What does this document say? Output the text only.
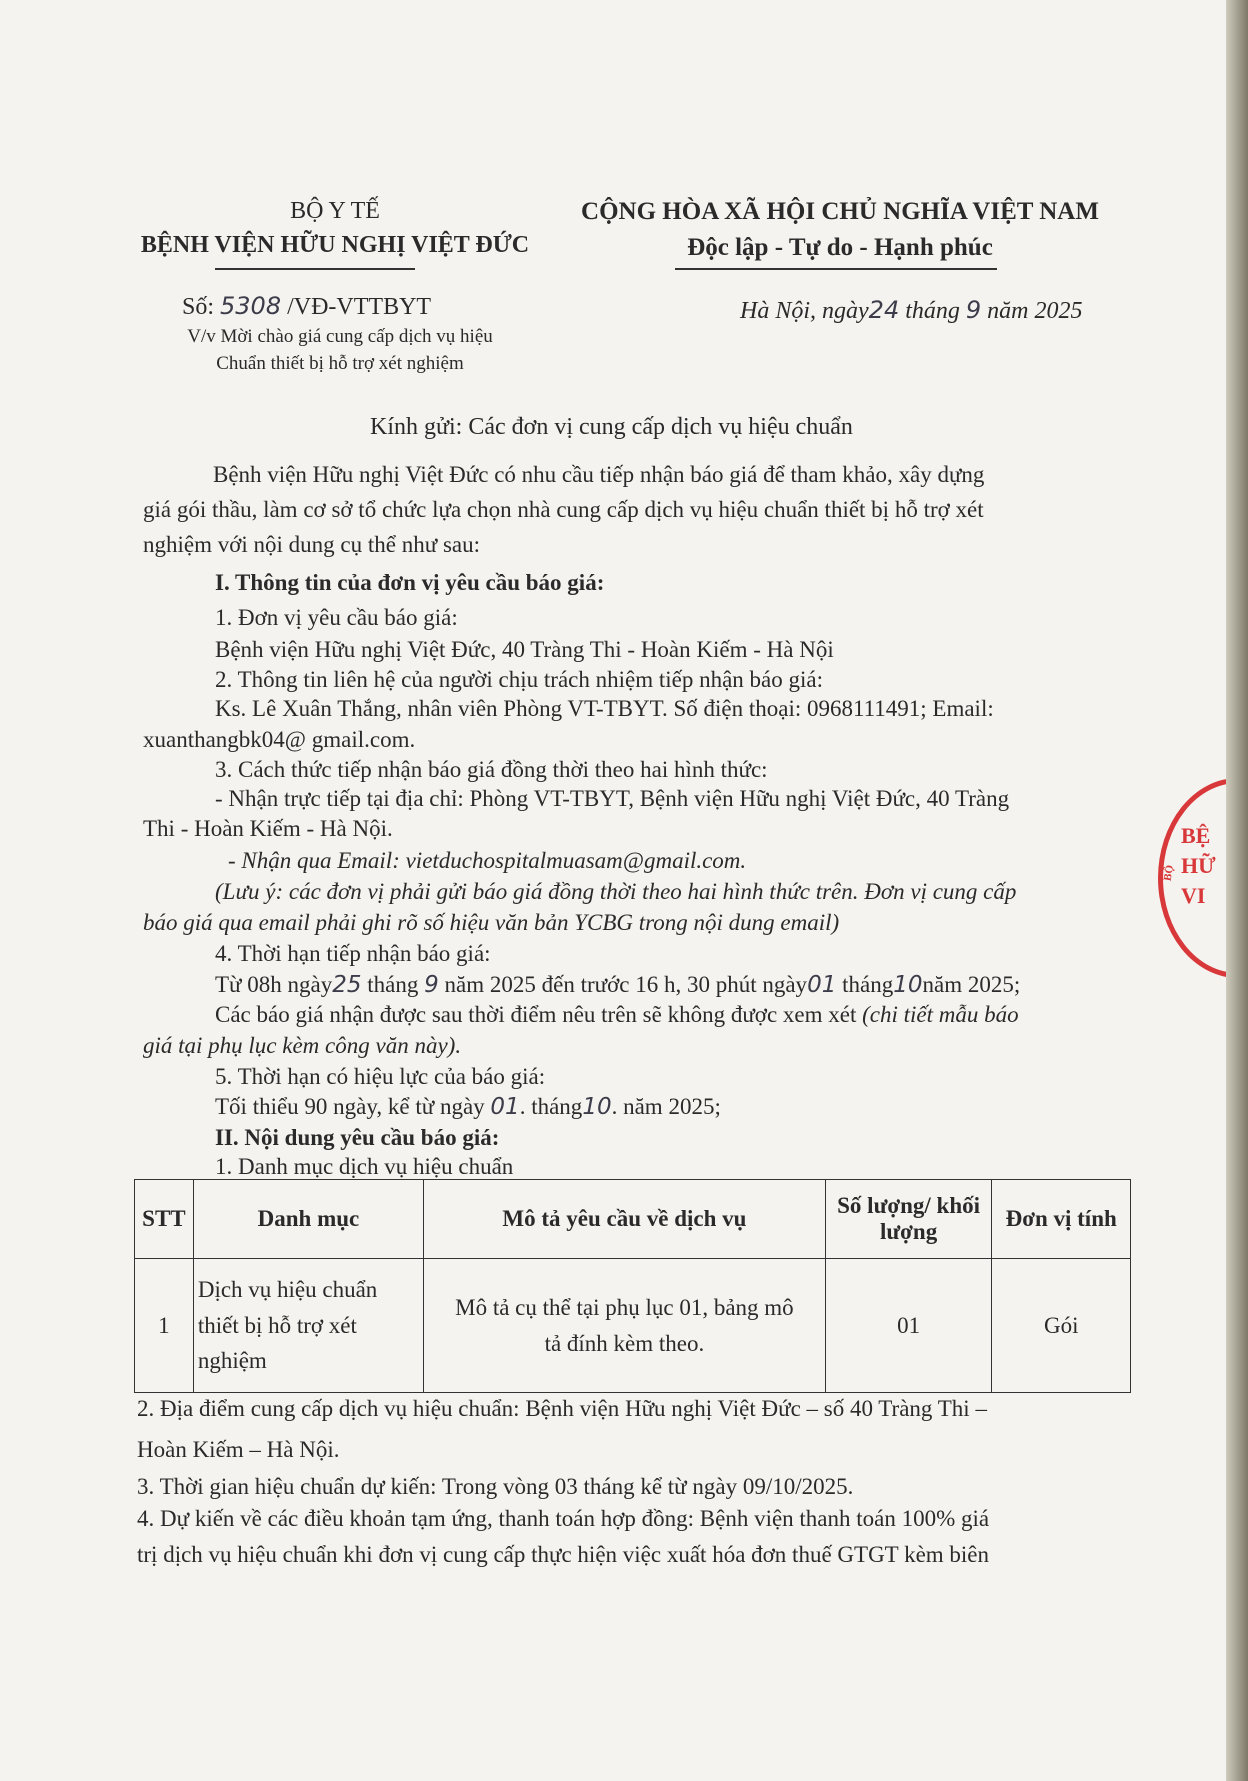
BỘ Y TẾ
BỆNH VIỆN HỮU NGHỊ VIỆT ĐỨC
CỘNG HÒA XÃ HỘI CHỦ NGHĨA VIỆT NAM
Độc lập - Tự do - Hạnh phúc
Số: 5308 /VĐ-VTTBYT
V/v Mời chào giá cung cấp dịch vụ hiệu
Chuẩn thiết bị hỗ trợ xét nghiệm
Hà Nội, ngày24 tháng 9 năm 2025
Kính gửi: Các đơn vị cung cấp dịch vụ hiệu chuẩn
Bệnh viện Hữu nghị Việt Đức có nhu cầu tiếp nhận báo giá để tham khảo, xây dựng
giá gói thầu, làm cơ sở tổ chức lựa chọn nhà cung cấp dịch vụ hiệu chuẩn thiết bị hỗ trợ xét
nghiệm với nội dung cụ thể như sau:
I. Thông tin của đơn vị yêu cầu báo giá:
1. Đơn vị yêu cầu báo giá:
Bệnh viện Hữu nghị Việt Đức, 40 Tràng Thi - Hoàn Kiếm - Hà Nội
2. Thông tin liên hệ của người chịu trách nhiệm tiếp nhận báo giá:
Ks. Lê Xuân Thắng, nhân viên Phòng VT-TBYT. Số điện thoại: 0968111491; Email:
xuanthangbk04@ gmail.com.
3. Cách thức tiếp nhận báo giá đồng thời theo hai hình thức:
- Nhận trực tiếp tại địa chỉ: Phòng VT-TBYT, Bệnh viện Hữu nghị Việt Đức, 40 Tràng
Thi - Hoàn Kiếm - Hà Nội.
- Nhận qua Email: vietduchospitalmuasam@gmail.com.
(Lưu ý: các đơn vị phải gửi báo giá đồng thời theo hai hình thức trên. Đơn vị cung cấp
báo giá qua email phải ghi rõ số hiệu văn bản YCBG trong nội dung email)
4. Thời hạn tiếp nhận báo giá:
Từ 08h ngày25 tháng 9 năm 2025 đến trước 16 h, 30 phút ngày01 tháng10năm 2025;
Các báo giá nhận được sau thời điểm nêu trên sẽ không được xem xét (chi tiết mẫu báo
giá tại phụ lục kèm công văn này).
5. Thời hạn có hiệu lực của báo giá:
Tối thiểu 90 ngày, kể từ ngày 01. tháng10. năm 2025;
II. Nội dung yêu cầu báo giá:
1. Danh mục dịch vụ hiệu chuẩn
STT	Danh mục	Mô tả yêu cầu về dịch vụ	Số lượng/ khối lượng	Đơn vị tính
1	Dịch vụ hiệu chuẩn thiết bị hỗ trợ xét nghiệm	Mô tả cụ thể tại phụ lục 01, bảng mô tả đính kèm theo.	01	Gói
2. Địa điểm cung cấp dịch vụ hiệu chuẩn: Bệnh viện Hữu nghị Việt Đức – số 40 Tràng Thi –
Hoàn Kiếm – Hà Nội.
3. Thời gian hiệu chuẩn dự kiến: Trong vòng 03 tháng kể từ ngày 09/10/2025.
4. Dự kiến về các điều khoản tạm ứng, thanh toán hợp đồng: Bệnh viện thanh toán 100% giá
trị dịch vụ hiệu chuẩn khi đơn vị cung cấp thực hiện việc xuất hóa đơn thuế GTGT kèm biên
BỆ
HỮ
VI
BỘ
